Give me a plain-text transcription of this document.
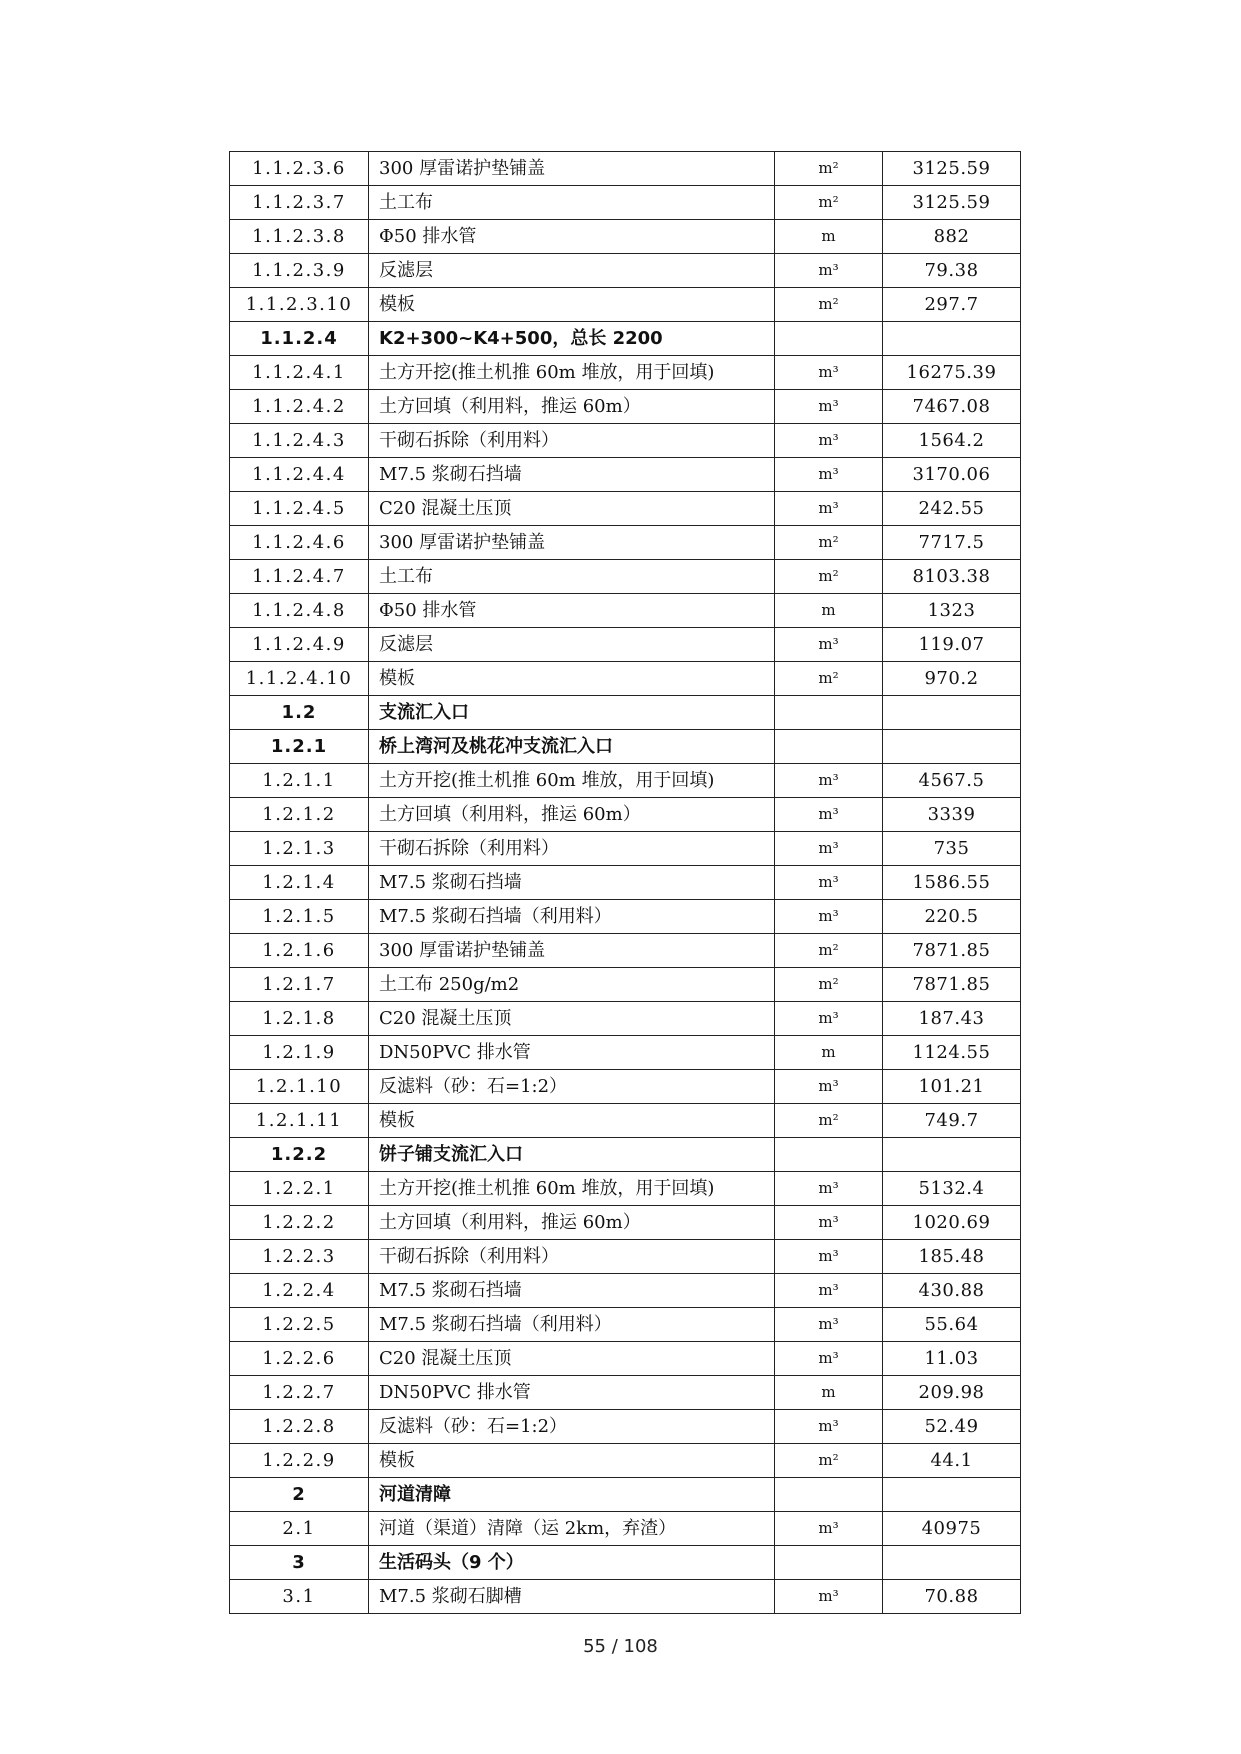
1.1.2.3.6	300 厚雷诺护垫铺盖	m²	3125.59
1.1.2.3.7	土工布	m²	3125.59
1.1.2.3.8	Φ50 排水管	m	882
1.1.2.3.9	反滤层	m³	79.38
1.1.2.3.10	模板	m²	297.7
1.1.2.4	K2+300~K4+500，总长 2200		
1.1.2.4.1	土方开挖(推土机推 60m 堆放，用于回填)	m³	16275.39
1.1.2.4.2	土方回填（利用料，推运 60m）	m³	7467.08
1.1.2.4.3	干砌石拆除（利用料）	m³	1564.2
1.1.2.4.4	M7.5 浆砌石挡墙	m³	3170.06
1.1.2.4.5	C20 混凝土压顶	m³	242.55
1.1.2.4.6	300 厚雷诺护垫铺盖	m²	7717.5
1.1.2.4.7	土工布	m²	8103.38
1.1.2.4.8	Φ50 排水管	m	1323
1.1.2.4.9	反滤层	m³	119.07
1.1.2.4.10	模板	m²	970.2
1.2	支流汇入口		
1.2.1	桥上湾河及桃花冲支流汇入口		
1.2.1.1	土方开挖(推土机推 60m 堆放，用于回填)	m³	4567.5
1.2.1.2	土方回填（利用料，推运 60m）	m³	3339
1.2.1.3	干砌石拆除（利用料）	m³	735
1.2.1.4	M7.5 浆砌石挡墙	m³	1586.55
1.2.1.5	M7.5 浆砌石挡墙（利用料）	m³	220.5
1.2.1.6	300 厚雷诺护垫铺盖	m²	7871.85
1.2.1.7	土工布 250g/m2	m²	7871.85
1.2.1.8	C20 混凝土压顶	m³	187.43
1.2.1.9	DN50PVC 排水管	m	1124.55
1.2.1.10	反滤料（砂：石=1:2）	m³	101.21
1.2.1.11	模板	m²	749.7
1.2.2	饼子铺支流汇入口		
1.2.2.1	土方开挖(推土机推 60m 堆放，用于回填)	m³	5132.4
1.2.2.2	土方回填（利用料，推运 60m）	m³	1020.69
1.2.2.3	干砌石拆除（利用料）	m³	185.48
1.2.2.4	M7.5 浆砌石挡墙	m³	430.88
1.2.2.5	M7.5 浆砌石挡墙（利用料）	m³	55.64
1.2.2.6	C20 混凝土压顶	m³	11.03
1.2.2.7	DN50PVC 排水管	m	209.98
1.2.2.8	反滤料（砂：石=1:2）	m³	52.49
1.2.2.9	模板	m²	44.1
2	河道清障		
2.1	河道（渠道）清障（运 2km，弃渣）	m³	40975
3	生活码头（9 个）		
3.1	M7.5 浆砌石脚槽	m³	70.88
55 / 108
